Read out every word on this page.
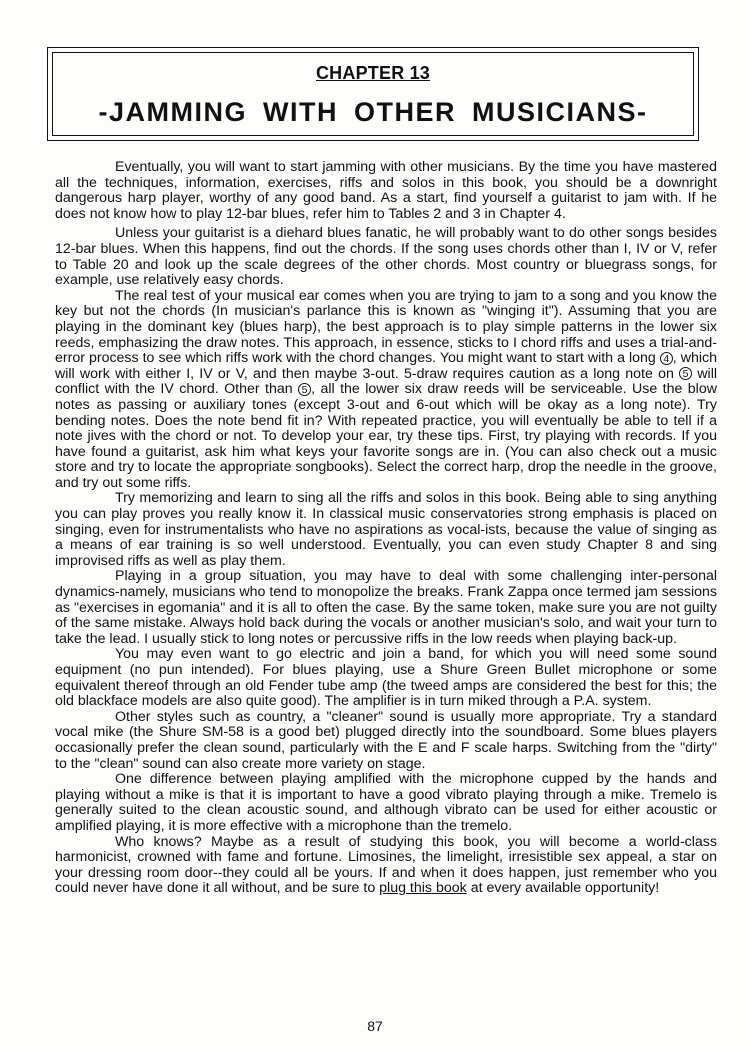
CHAPTER 13
-JAMMING WITH OTHER MUSICIANS-

Eventually, you will want to start jamming with other musicians. By the time you have mastered all the techniques, information, exercises, riffs and solos in this book, you should be a downright dangerous harp player, worthy of any good band. As a start, find yourself a guitarist to jam with. If he does not know how to play 12-bar blues, refer him to Tables 2 and 3 in Chapter 4.

Unless your guitarist is a diehard blues fanatic, he will probably want to do other songs besides 12-bar blues. When this happens, find out the chords. If the song uses chords other than I, IV or V, refer to Table 20 and look up the scale degrees of the other chords. Most country or bluegrass songs, for example, use relatively easy chords.

The real test of your musical ear comes when you are trying to jam to a song and you know the key but not the chords (In musician's parlance this is known as "winging it"). Assuming that you are playing in the dominant key (blues harp), the best approach is to play simple patterns in the lower six reeds, emphasizing the draw notes. This approach, in essence, sticks to I chord riffs and uses a trial-and-error process to see which riffs work with the chord changes. You might want to start with a long 4 , which will work with either I, IV or V, and then maybe 3-out. 5-draw requires caution as a long note on 5 will conflict with the IV chord. Other than 5 , all the lower six draw reeds will be serviceable. Use the blow notes as passing or auxiliary tones (except 3-out and 6-out which will be okay as a long note). Try bending notes. Does the note bend fit in? With repeated practice, you will eventually be able to tell if a note jives with the chord or not. To develop your ear, try these tips. First, try playing with records. If you have found a guitarist, ask him what keys your favorite songs are in. (You can also check out a music store and try to locate the appropriate songbooks). Select the correct harp, drop the needle in the groove, and try out some riffs.

Try memorizing and learn to sing all the riffs and solos in this book. Being able to sing anything you can play proves you really know it. In classical music conservatories strong emphasis is placed on singing, even for instrumentalists who have no aspirations as vocal-ists, because the value of singing as a means of ear training is so well understood. Eventually, you can even study Chapter 8 and sing improvised riffs as well as play them.

Playing in a group situation, you may have to deal with some challenging inter-personal dynamics-namely, musicians who tend to monopolize the breaks. Frank Zappa once termed jam sessions as "exercises in egomania" and it is all to often the case. By the same token, make sure you are not guilty of the same mistake. Always hold back during the vocals or another musician's solo, and wait your turn to take the lead. I usually stick to long notes or percussive riffs in the low reeds when playing back-up.

You may even want to go electric and join a band, for which you will need some sound equipment (no pun intended). For blues playing, use a Shure Green Bullet microphone or some equivalent thereof through an old Fender tube amp (the tweed amps are considered the best for this; the old blackface models are also quite good). The amplifier is in turn miked through a P.A. system.

Other styles such as country, a "cleaner" sound is usually more appropriate. Try a standard vocal mike (the Shure SM-58 is a good bet) plugged directly into the soundboard. Some blues players occasionally prefer the clean sound, particularly with the E and F scale harps. Switching from the "dirty" to the "clean" sound can also create more variety on stage.

One difference between playing amplified with the microphone cupped by the hands and playing without a mike is that it is important to have a good vibrato playing through a mike. Tremelo is generally suited to the clean acoustic sound, and although vibrato can be used for either acoustic or amplified playing, it is more effective with a microphone than the tremelo.

Who knows? Maybe as a result of studying this book, you will become a world-class harmonicist, crowned with fame and fortune. Limosines, the limelight, irresistible sex appeal, a star on your dressing room door--they could all be yours. If and when it does happen, just remember who you could never have done it all without, and be sure to plug this book at every available opportunity!

87
